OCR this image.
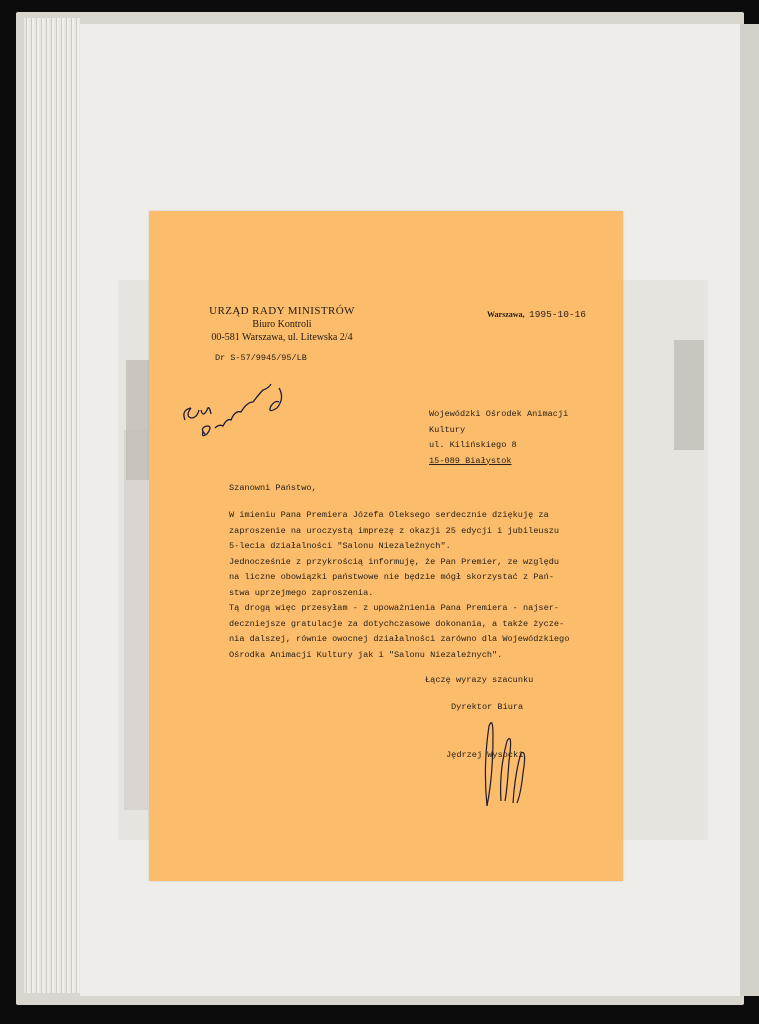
URZĄD RADY MINISTRÓW
Biuro Kontroli
00-581 Warszawa, ul. Litewska 2/4
Dr S-57/9945/95/LB
Warszawa, 1995-10-16
Wojewódzki Ośrodek Animacji
Kultury
ul. Kilińskiego 8
15-089 Białystok
Szanowni Państwo,
W imieniu Pana Premiera Józefa Oleksego serdecznie dziękuję za
zaproszenie na uroczystą imprezę z okazji 25 edycji i jubileuszu
5-lecia działalności "Salonu Niezależnych".
Jednocześnie z przykrością informuję, że Pan Premier, ze względu
na liczne obowiązki państwowe nie będzie mógł skorzystać z Pań-
stwa uprzejmego zaproszenia.
Tą drogą więc przesyłam - z upoważnienia Pana Premiera - najser-
deczniejsze gratulacje za dotychczasowe dokonania, a także życze-
nia dalszej, równie owocnej działalności zarówno dla Wojewódzkiego
Ośrodka Animacji Kultury jak i "Salonu Niezależnych".
Łączę wyrazy szacunku
Dyrektor Biura
Jędrzej Wysocki
